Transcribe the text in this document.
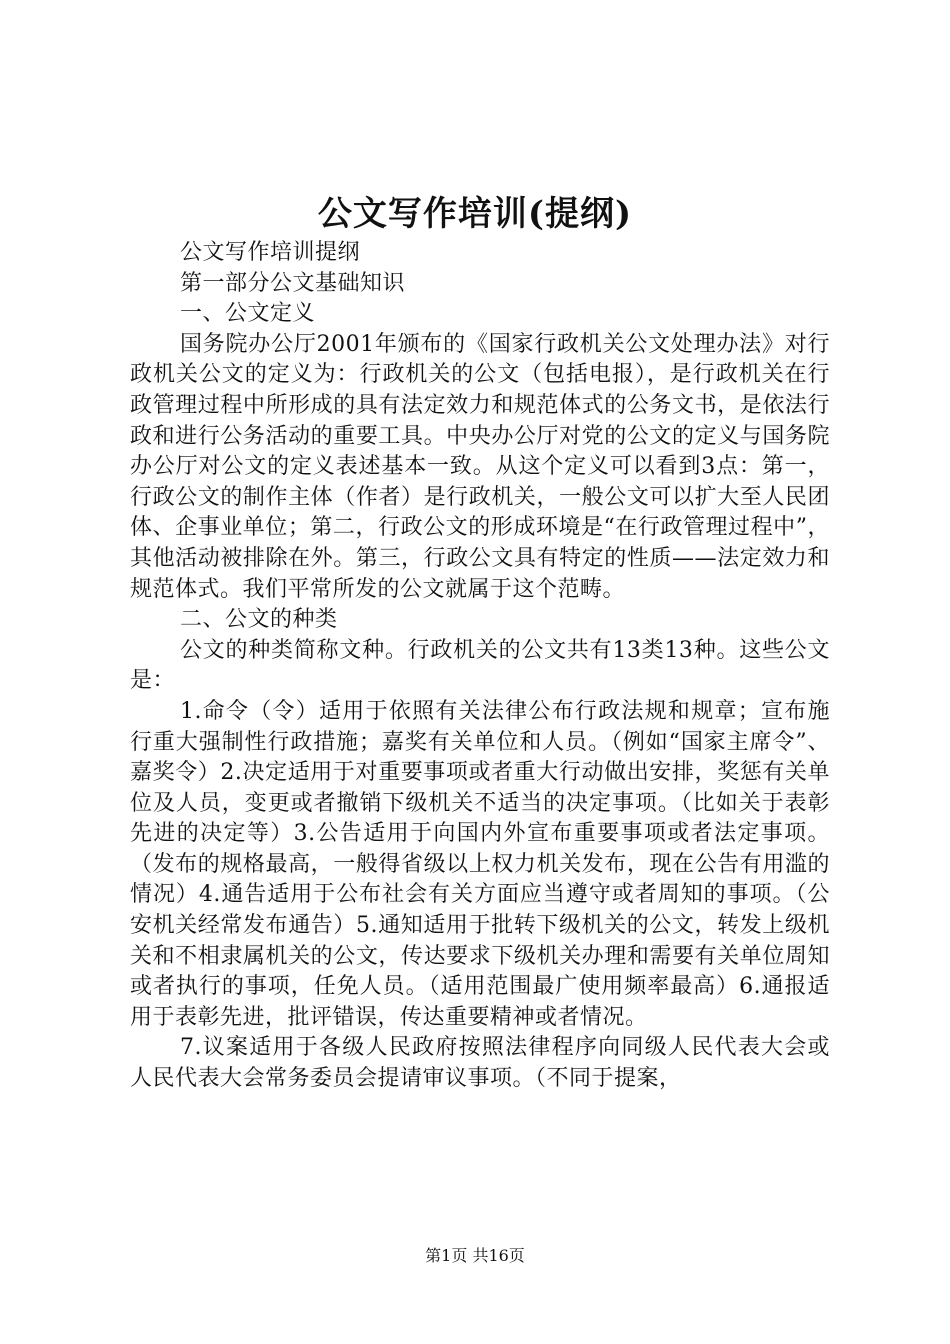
公文写作培训(提纲)

公文写作培训提纲

第一部分公文基础知识

一、公文定义

国务院办公厅2001年颁布的《国家行政机关公文处理办法》对行政机关公文的定义为：行政机关的公文（包括电报），是行政机关在行政管理过程中所形成的具有法定效力和规范体式的公务文书，是依法行政和进行公务活动的重要工具。中央办公厅对党的公文的定义与国务院办公厅对公文的定义表述基本一致。从这个定义可以看到3点：第一，行政公文的制作主体（作者）是行政机关，一般公文可以扩大至人民团体、企事业单位；第二，行政公文的形成环境是“在行政管理过程中”，其他活动被排除在外。第三，行政公文具有特定的性质——法定效力和规范体式。我们平常所发的公文就属于这个范畴。

二、公文的种类

公文的种类简称文种。行政机关的公文共有13类13种。这些公文是：

1.命令（令）适用于依照有关法律公布行政法规和规章；宣布施行重大强制性行政措施；嘉奖有关单位和人员。（例如“国家主席令”、嘉奖令）2.决定适用于对重要事项或者重大行动做出安排，奖惩有关单位及人员，变更或者撤销下级机关不适当的决定事项。（比如关于表彰先进的决定等）3.公告适用于向国内外宣布重要事项或者法定事项。（发布的规格最高，一般得省级以上权力机关发布，现在公告有用滥的情况）4.通告适用于公布社会有关方面应当遵守或者周知的事项。（公安机关经常发布通告）5.通知适用于批转下级机关的公文，转发上级机关和不相隶属机关的公文，传达要求下级机关办理和需要有关单位周知或者执行的事项，任免人员。（适用范围最广使用频率最高）6.通报适用于表彰先进，批评错误，传达重要精神或者情况。

7.议案适用于各级人民政府按照法律程序向同级人民代表大会或人民代表大会常务委员会提请审议事项。（不同于提案，

第1页 共16页
